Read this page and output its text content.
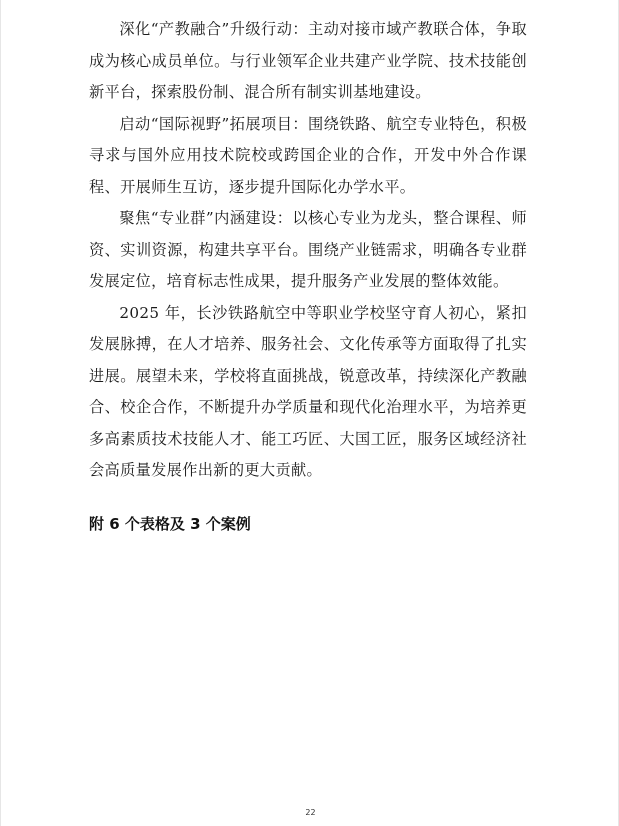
深化“产教融合”升级行动：主动对接市域产教联合体，争取成为核心成员单位。与行业领军企业共建产业学院、技术技能创新平台，探索股份制、混合所有制实训基地建设。

启动“国际视野”拓展项目：围绕铁路、航空专业特色，积极寻求与国外应用技术院校或跨国企业的合作，开发中外合作课程、开展师生互访，逐步提升国际化办学水平。

聚焦“专业群”内涵建设：以核心专业为龙头，整合课程、师资、实训资源，构建共享平台。围绕产业链需求，明确各专业群发展定位，培育标志性成果，提升服务产业发展的整体效能。

2025 年，长沙铁路航空中等职业学校坚守育人初心，紧扣发展脉搏，在人才培养、服务社会、文化传承等方面取得了扎实进展。展望未来，学校将直面挑战，锐意改革，持续深化产教融合、校企合作，不断提升办学质量和现代化治理水平，为培养更多高素质技术技能人才、能工巧匠、大国工匠，服务区域经济社会高质量发展作出新的更大贡献。

附 6 个表格及 3 个案例

22
